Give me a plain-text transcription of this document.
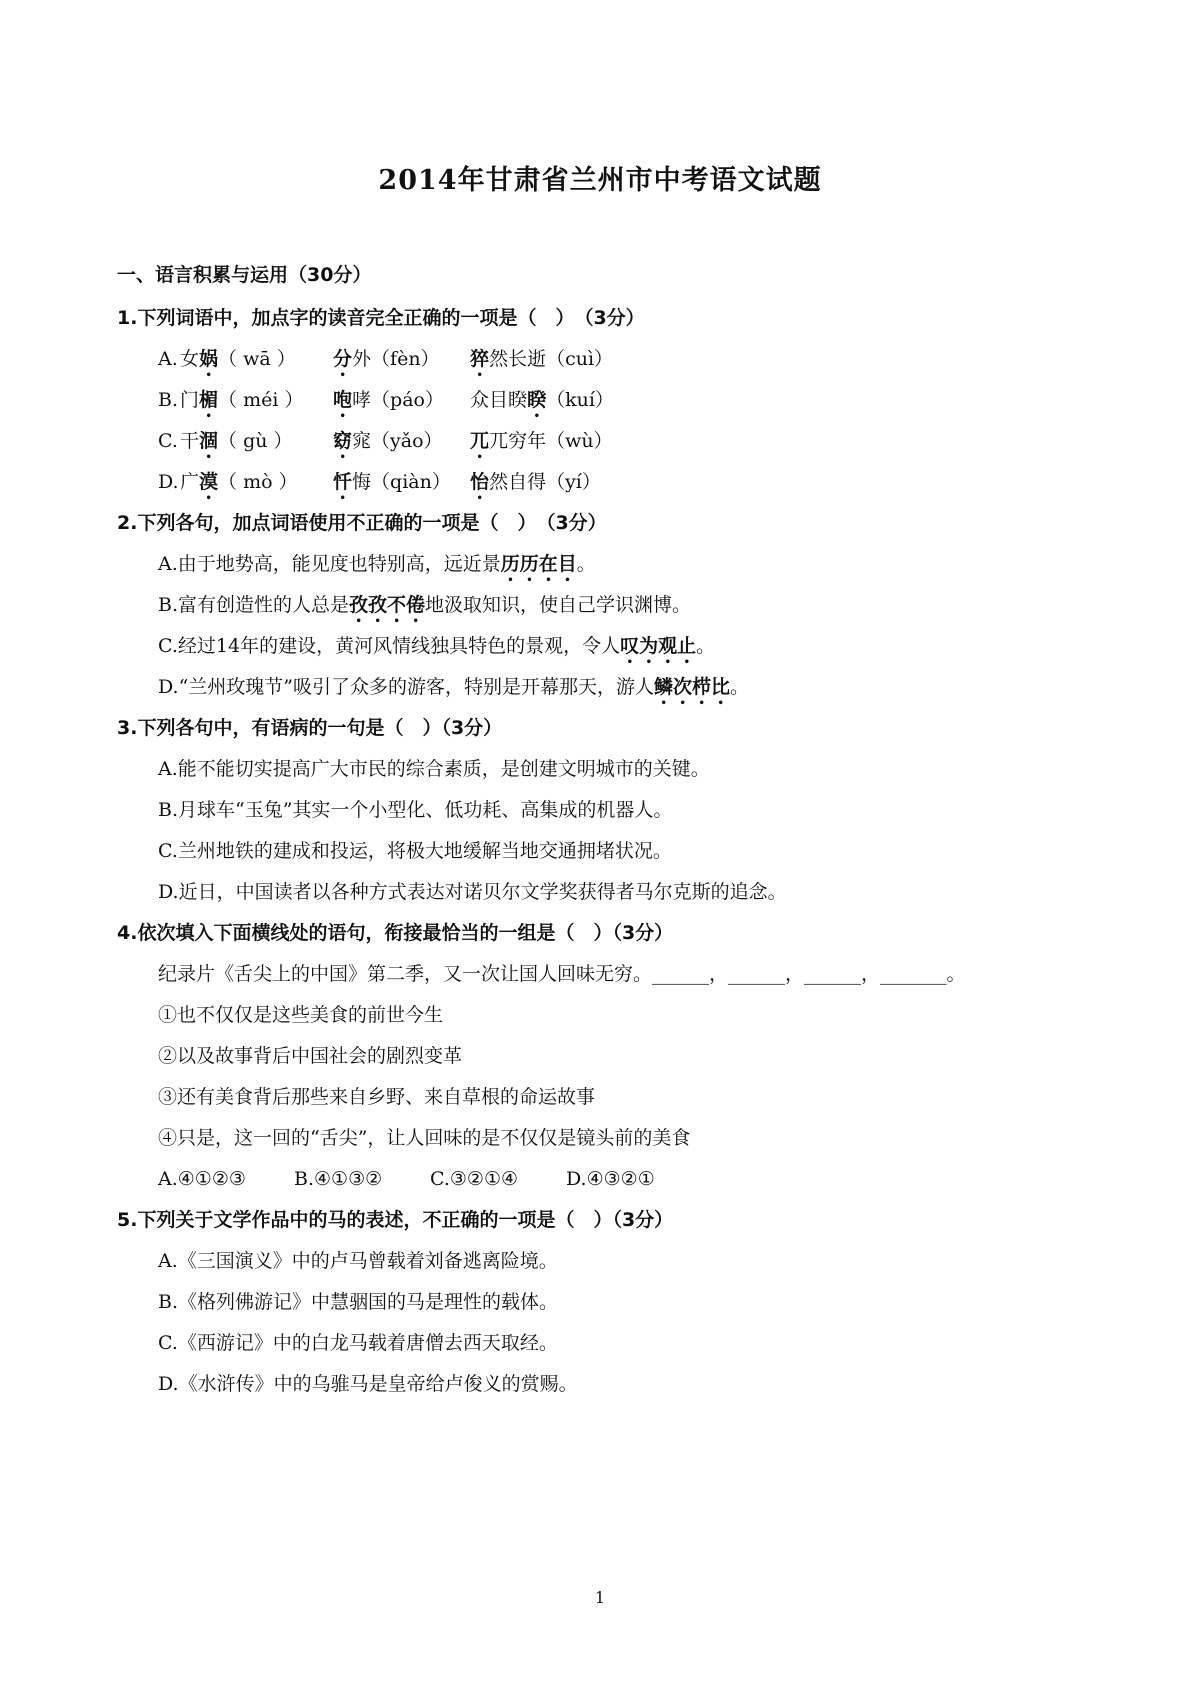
2014年甘肃省兰州市中考语文试题
一、语言积累与运用（30分）
1.下列词语中，加点字的读音完全正确的一项是（　）　（3分）
A. 女娲（ wā ） 分外（fèn） 猝然长逝（cuì）
B. 门楣（ méi ） 咆哮（páo） 众目睽睽（kuí）
C. 干涸（ gù ） 窈窕（yǎo） 兀兀穷年（wù）
D.广漠（ mò ） 忏悔（qiàn） 怡然自得（yí）
2.下列各句，加点词语使用不正确的一项是（　）　（3分）
A.由于地势高，能见度也特别高，远近景历历在目。
B.富有创造性的人总是孜孜不倦地汲取知识，使自己学识渊博。
C.经过14年的建设，黄河风情线独具特色的景观，令人叹为观止。
D.“兰州玫瑰节”吸引了众多的游客，特别是开幕那天，游人鳞次栉比。
3.下列各句中，有语病的一句是（　）（3分）
A.能不能切实提高广大市民的综合素质，是创建文明城市的关键。
B.月球车“玉兔”其实一个小型化、低功耗、高集成的机器人。
C.兰州地铁的建成和投运，将极大地缓解当地交通拥堵状况。
D.近日，中国读者以各种方式表达对诺贝尔文学奖获得者马尔克斯的追念。
4.依次填入下面横线处的语句，衔接最恰当的一组是（　）（3分）
纪录片《舌尖上的中国》第二季，又一次让国人回味无穷。______，______，______，_______。
①也不仅仅是这些美食的前世今生
②以及故事背后中国社会的剧烈变革
③还有美食背后那些来自乡野、来自草根的命运故事
④只是，这一回的“舌尖”，让人回味的是不仅仅是镜头前的美食
A.④①②③	B.④①③②	C.③②①④	D.④③②①
5.下列关于文学作品中的马的表述，不正确的一项是（　）（3分）
A.《三国演义》中的卢马曾载着刘备逃离险境。
B.《格列佛游记》中慧骃国的马是理性的载体。
C.《西游记》中的白龙马载着唐僧去西天取经。
D.《水浒传》中的乌骓马是皇帝给卢俊义的赏赐。
1
